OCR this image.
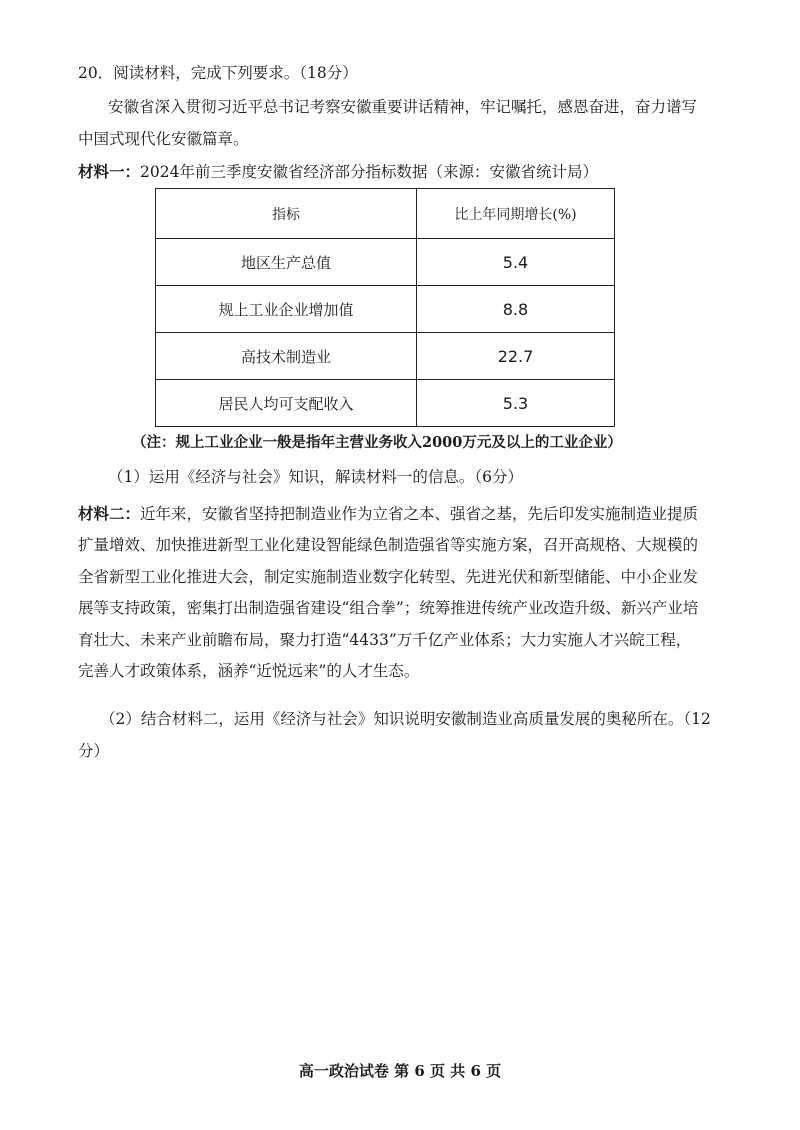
20．阅读材料，完成下列要求。（18分）
安徽省深入贯彻习近平总书记考察安徽重要讲话精神，牢记嘱托，感恩奋进，奋力谱写
中国式现代化安徽篇章。
材料一：2024年前三季度安徽省经济部分指标数据（来源：安徽省统计局）
指标	比上年同期增长(%)
地区生产总值	5.4
规上工业企业增加值	8.8
高技术制造业	22.7
居民人均可支配收入	5.3
（注：规上工业企业一般是指年主营业务收入2000万元及以上的工业企业）
（1）运用《经济与社会》知识，解读材料一的信息。（6分）
材料二：近年来，安徽省坚持把制造业作为立省之本、强省之基，先后印发实施制造业提质
扩量增效、加快推进新型工业化建设智能绿色制造强省等实施方案，召开高规格、大规模的
全省新型工业化推进大会，制定实施制造业数字化转型、先进光伏和新型储能、中小企业发
展等支持政策，密集打出制造强省建设“组合拳”；统筹推进传统产业改造升级、新兴产业培
育壮大、未来产业前瞻布局，聚力打造“4433”万千亿产业体系；大力实施人才兴皖工程，
完善人才政策体系，涵养“近悦远来”的人才生态。
（2）结合材料二，运用《经济与社会》知识说明安徽制造业高质量发展的奥秘所在。（12
分）
高一政治试卷 第 6 页 共 6 页
